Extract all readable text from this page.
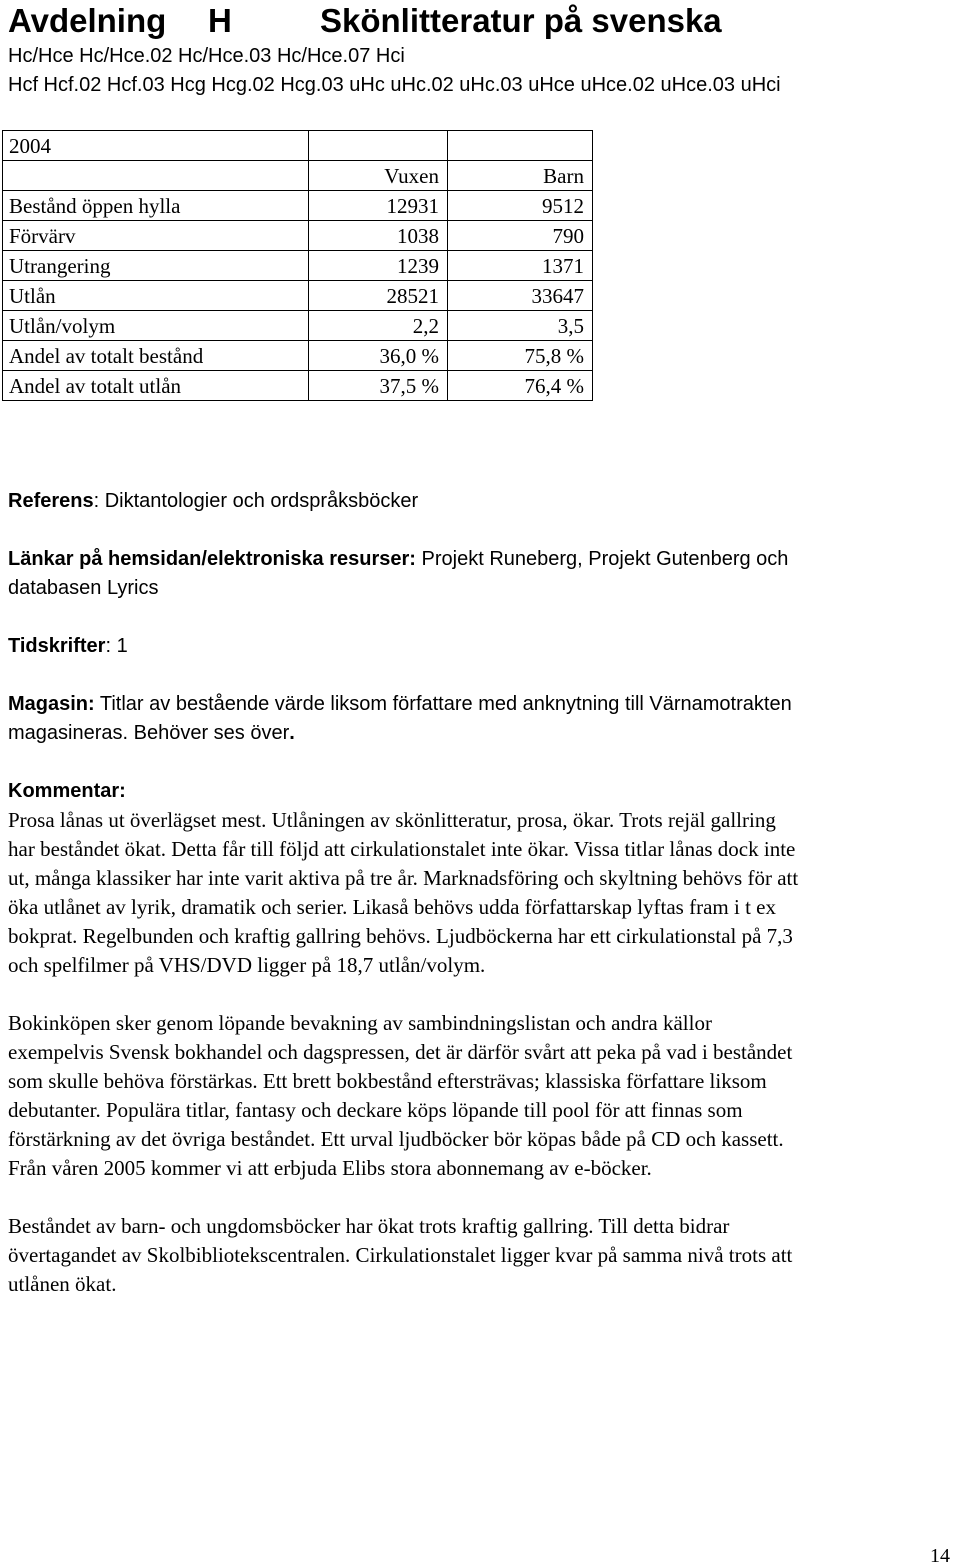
Avdelning H	Skönlitteratur på svenska
Hc/Hce Hc/Hce.02 Hc/Hce.03 Hc/Hce.07 Hci
Hcf Hcf.02 Hcf.03 Hcg Hcg.02 Hcg.03 uHc uHc.02 uHc.03 uHce uHce.02 uHce.03 uHci
2004		
	Vuxen	Barn
Bestånd öppen hylla	12931	9512
Förvärv	1038	790
Utrangering	1239	1371
Utlån	28521	33647
Utlån/volym	2,2	3,5
Andel av totalt bestånd	36,0 %	75,8 %
Andel av totalt utlån	37,5 %	76,4 %
Referens: Diktantologier och ordspråksböcker
Länkar på hemsidan/elektroniska resurser: Projekt Runeberg, Projekt Gutenberg och
databasen Lyrics
Tidskrifter: 1
Magasin: Titlar av bestående värde liksom författare med anknytning till Värnamotrakten
magasineras. Behöver ses över.
Kommentar:
Prosa lånas ut överlägset mest. Utlåningen av skönlitteratur, prosa, ökar. Trots rejäl gallring
har beståndet ökat. Detta får till följd att cirkulationstalet inte ökar. Vissa titlar lånas dock inte
ut, många klassiker har inte varit aktiva på tre år. Marknadsföring och skyltning behövs för att
öka utlånet av lyrik, dramatik och serier. Likaså behövs udda författarskap lyftas fram i t ex
bokprat. Regelbunden och kraftig gallring behövs. Ljudböckerna har ett cirkulationstal på 7,3
och spelfilmer på VHS/DVD ligger på 18,7 utlån/volym.
Bokinköpen sker genom löpande bevakning av sambindningslistan och andra källor
exempelvis Svensk bokhandel och dagspressen, det är därför svårt att peka på vad i beståndet
som skulle behöva förstärkas. Ett brett bokbestånd eftersträvas; klassiska författare liksom
debutanter. Populära titlar, fantasy och deckare köps löpande till pool för att finnas som
förstärkning av det övriga beståndet. Ett urval ljudböcker bör köpas både på CD och kassett.
Från våren 2005 kommer vi att erbjuda Elibs stora abonnemang av e-böcker.
Beståndet av barn- och ungdomsböcker har ökat trots kraftig gallring. Till detta bidrar
övertagandet av Skolbibliotekscentralen. Cirkulationstalet ligger kvar på samma nivå trots att
utlånen ökat.
14
